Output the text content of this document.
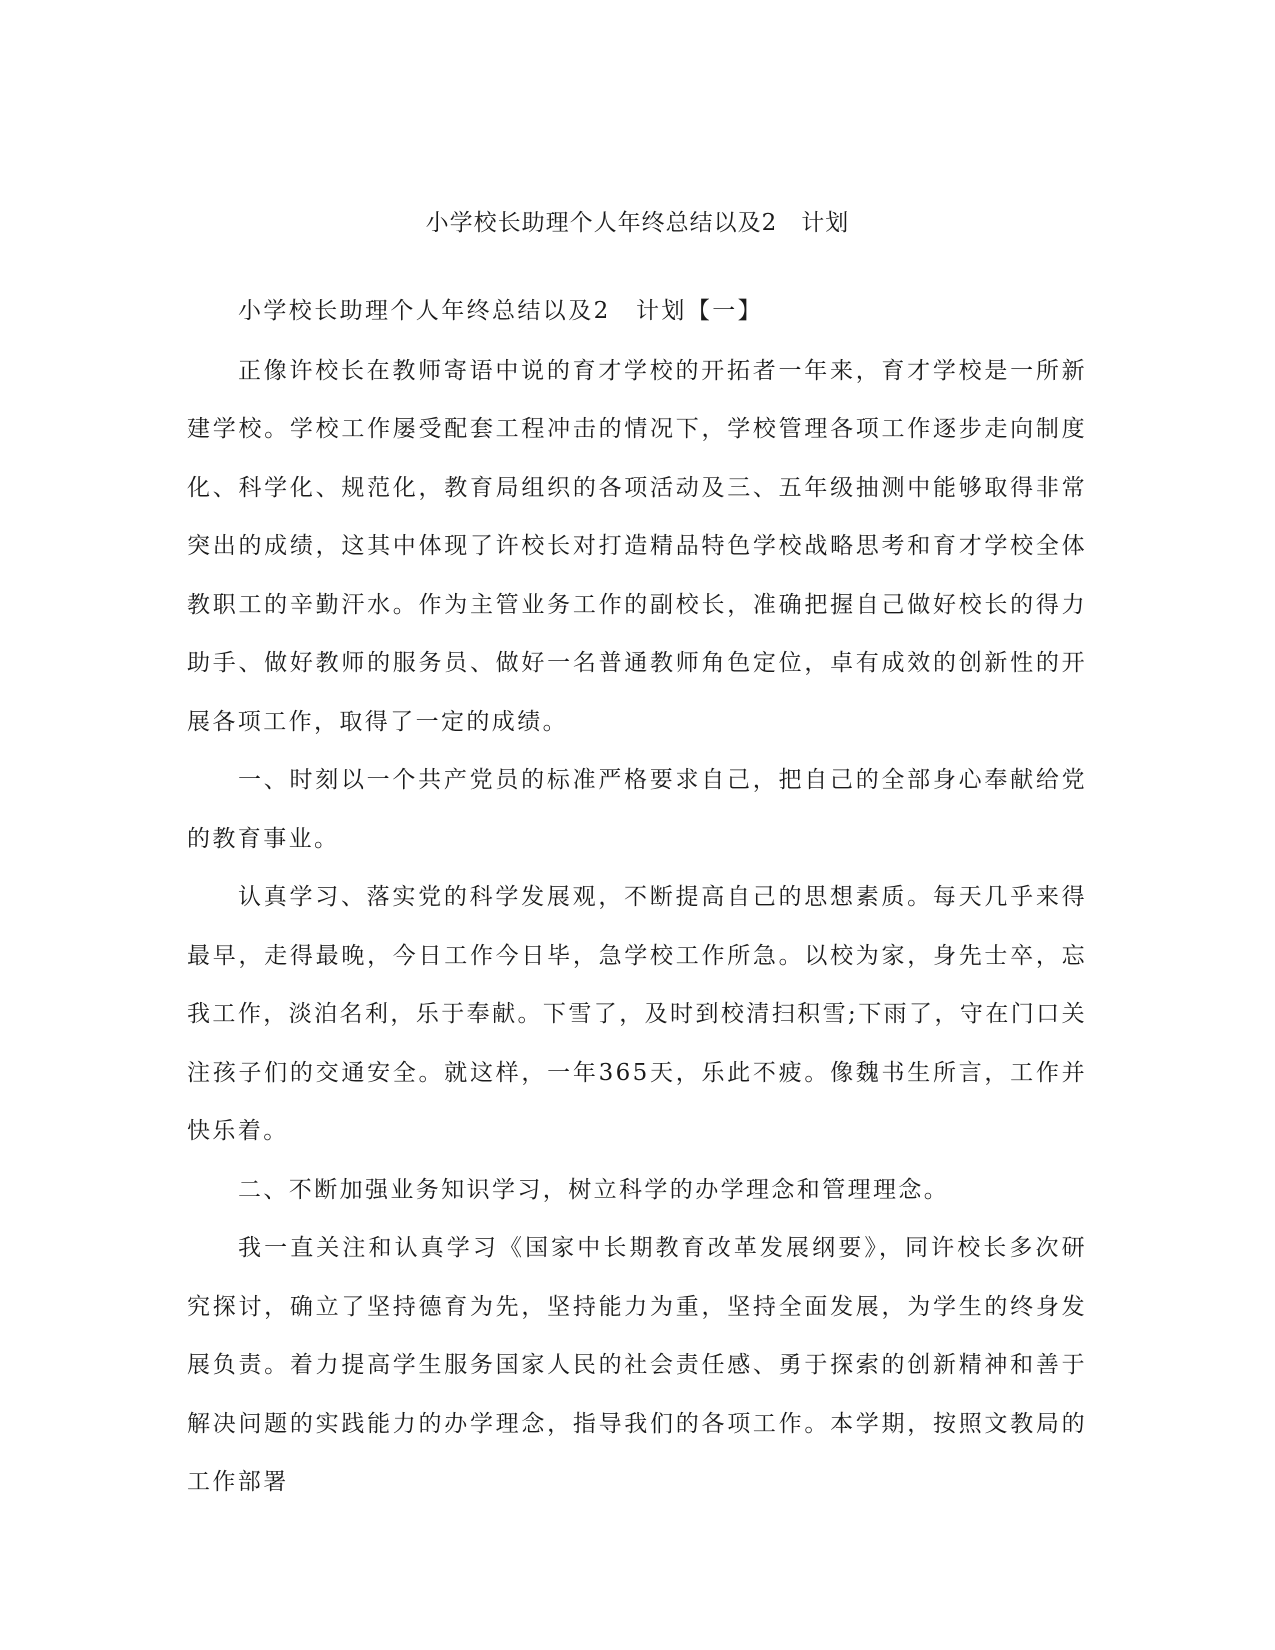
小学校长助理个人年终总结以及2　计划

小学校长助理个人年终总结以及2　计划【一】

正像许校长在教师寄语中说的育才学校的开拓者一年来，育才学校是一所新建学校。学校工作屡受配套工程冲击的情况下，学校管理各项工作逐步走向制度化、科学化、规范化，教育局组织的各项活动及三、五年级抽测中能够取得非常突出的成绩，这其中体现了许校长对打造精品特色学校战略思考和育才学校全体教职工的辛勤汗水。作为主管业务工作的副校长，准确把握自己做好校长的得力助手、做好教师的服务员、做好一名普通教师角色定位，卓有成效的创新性的开展各项工作，取得了一定的成绩。

一、时刻以一个共产党员的标准严格要求自己，把自己的全部身心奉献给党的教育事业。

认真学习、落实党的科学发展观，不断提高自己的思想素质。每天几乎来得最早，走得最晚，今日工作今日毕，急学校工作所急。以校为家，身先士卒，忘我工作，淡泊名利，乐于奉献。下雪了，及时到校清扫积雪;下雨了，守在门口关注孩子们的交通安全。就这样，一年365天，乐此不疲。像魏书生所言，工作并快乐着。

二、不断加强业务知识学习，树立科学的办学理念和管理理念。

我一直关注和认真学习《国家中长期教育改革发展纲要》，同许校长多次研究探讨，确立了坚持德育为先，坚持能力为重，坚持全面发展，为学生的终身发展负责。着力提高学生服务国家人民的社会责任感、勇于探索的创新精神和善于解决问题的实践能力的办学理念，指导我们的各项工作。本学期，按照文教局的工作部署
